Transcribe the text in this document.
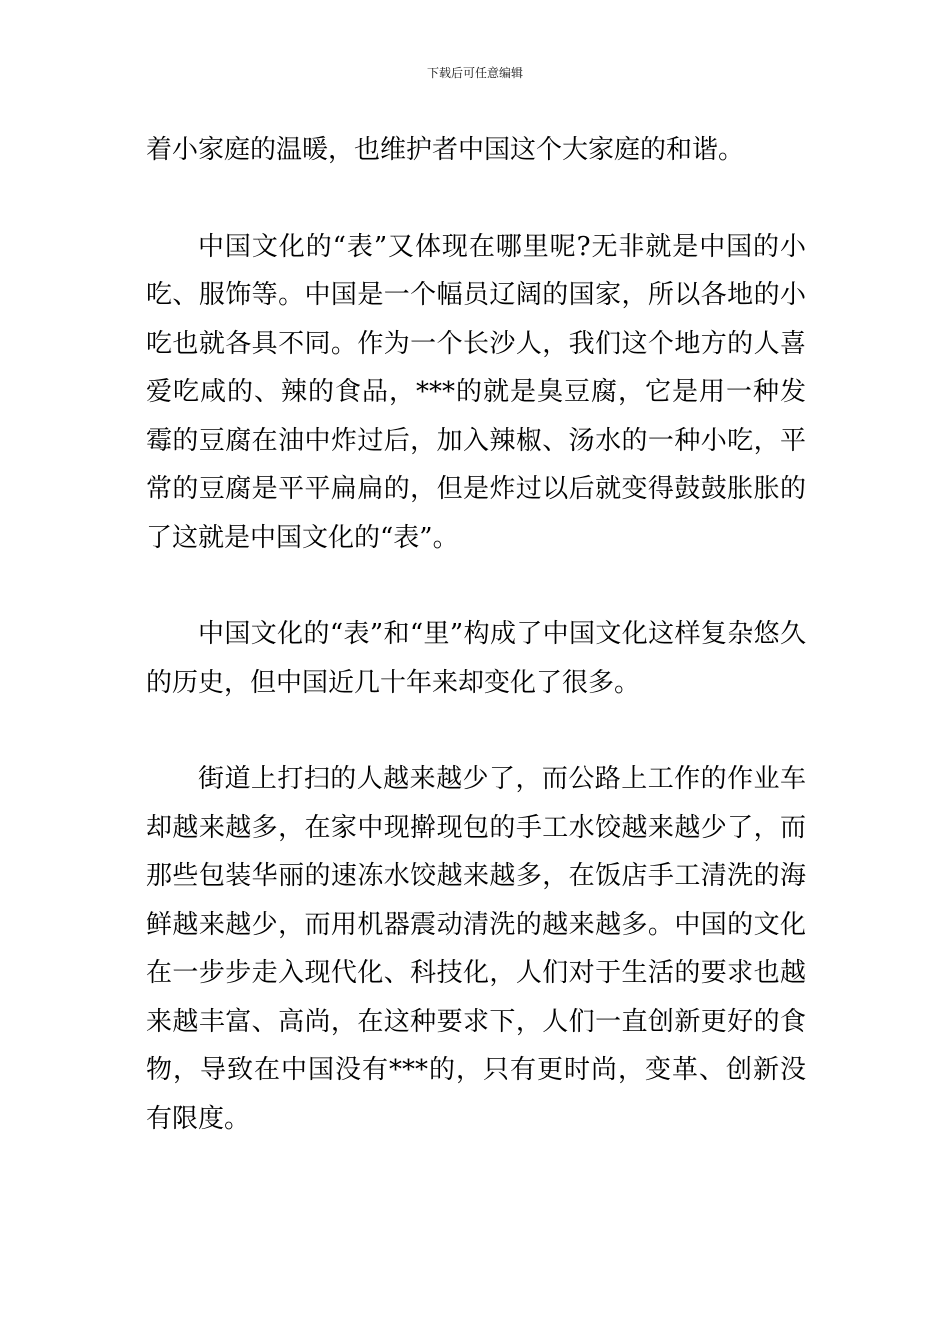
下载后可任意编辑

着小家庭的温暖，也维护者中国这个大家庭的和谐。

中国文化的“表”又体现在哪里呢?无非就是中国的小吃、服饰等。中国是一个幅员辽阔的国家，所以各地的小吃也就各具不同。作为一个长沙人，我们这个地方的人喜爱吃咸的、辣的食品，***的就是臭豆腐，它是用一种发霉的豆腐在油中炸过后，加入辣椒、汤水的一种小吃，平常的豆腐是平平扁扁的，但是炸过以后就变得鼓鼓胀胀的了这就是中国文化的“表”。

中国文化的“表”和“里”构成了中国文化这样复杂悠久的历史，但中国近几十年来却变化了很多。

街道上打扫的人越来越少了，而公路上工作的作业车却越来越多，在家中现擀现包的手工水饺越来越少了，而那些包装华丽的速冻水饺越来越多，在饭店手工清洗的海鲜越来越少，而用机器震动清洗的越来越多。中国的文化在一步步走入现代化、科技化，人们对于生活的要求也越来越丰富、高尚，在这种要求下，人们一直创新更好的食物，导致在中国没有***的，只有更时尚，变革、创新没有限度。
